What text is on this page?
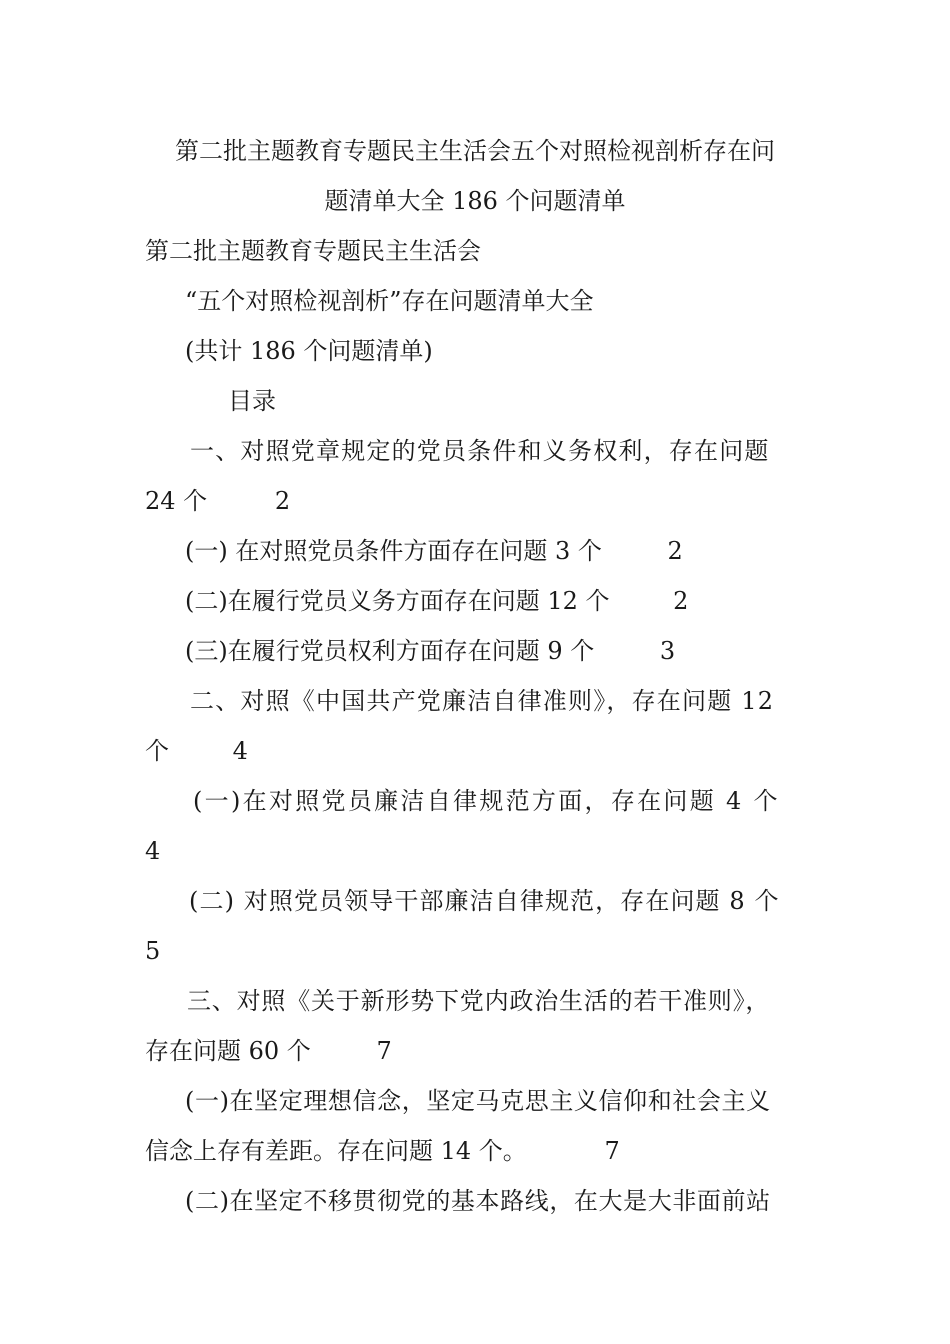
第二批主题教育专题民主生活会五个对照检视剖析存在问
题清单大全 186 个问题清单
第二批主题教育专题民主生活会
“五个对照检视剖析”存在问题清单大全
(共计 186 个问题清单)
目录
一、对照党章规定的党员条件和义务权利，存在问题
24 个	2
(一) 在对照党员条件方面存在问题 3 个	2
(二)在履行党员义务方面存在问题 12 个	2
(三)在履行党员权利方面存在问题 9 个	3
二、对照《中国共产党廉洁自律准则》，存在问题 12
个	4
(一)在对照党员廉洁自律规范方面，存在问题 4 个
4
(二) 对照党员领导干部廉洁自律规范，存在问题 8 个
5
三、对照《关于新形势下党内政治生活的若干准则》，
存在问题 60 个	7
(一)在坚定理想信念，坚定马克思主义信仰和社会主义
信念上存有差距。存在问题 14 个。	7
(二)在坚定不移贯彻党的基本路线，在大是大非面前站
